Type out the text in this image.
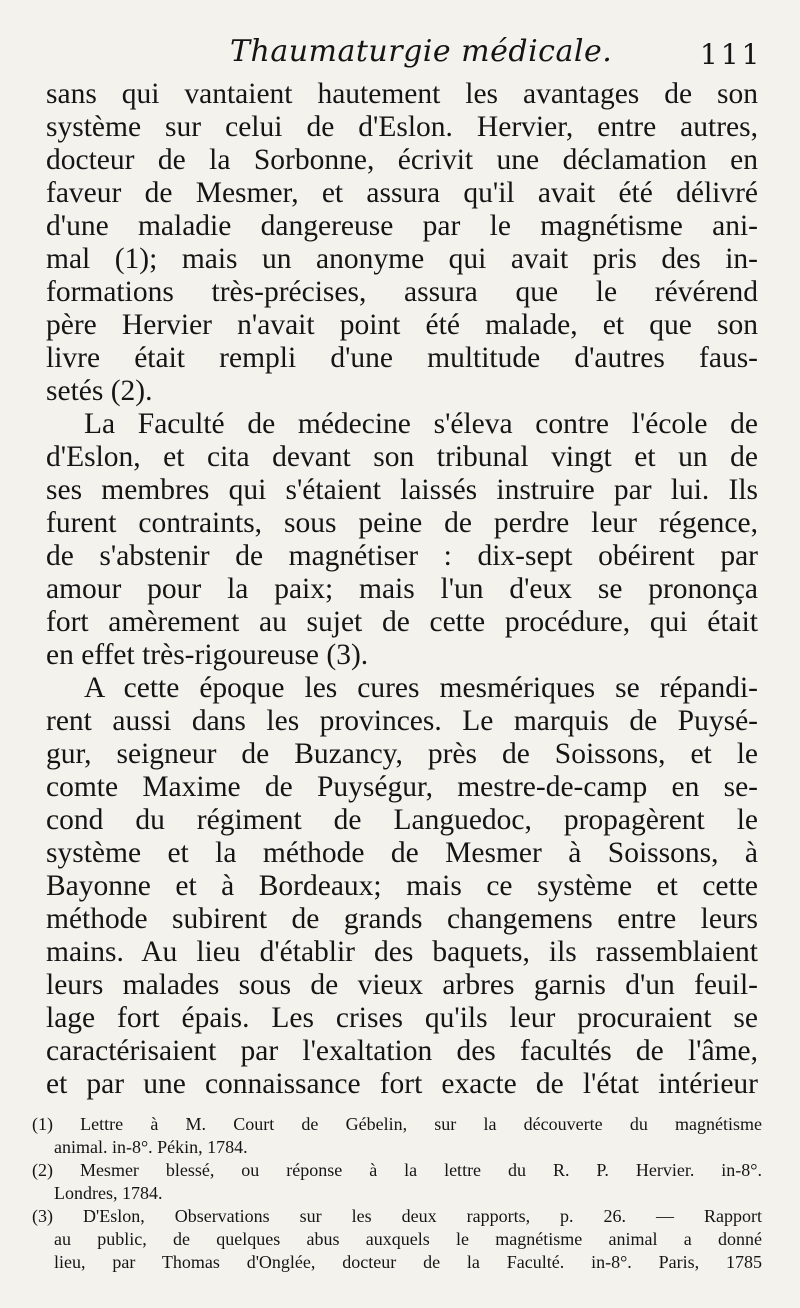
Thaumaturgie médicale.	111
sans qui vantaient hautement les avantages de son
système sur celui de d'Eslon. Hervier, entre autres,
docteur de la Sorbonne, écrivit une déclamation en
faveur de Mesmer, et assura qu'il avait été délivré
d'une maladie dangereuse par le magnétisme ani-
mal (1); mais un anonyme qui avait pris des in-
formations très-précises, assura que le révérend
père Hervier n'avait point été malade, et que son
livre était rempli d'une multitude d'autres faus-
setés (2).
La Faculté de médecine s'éleva contre l'école de
d'Eslon, et cita devant son tribunal vingt et un de
ses membres qui s'étaient laissés instruire par lui. Ils
furent contraints, sous peine de perdre leur régence,
de s'abstenir de magnétiser : dix-sept obéirent par
amour pour la paix; mais l'un d'eux se prononça
fort amèrement au sujet de cette procédure, qui était
en effet très-rigoureuse (3).
A cette époque les cures mesmériques se répandi-
rent aussi dans les provinces. Le marquis de Puysé-
gur, seigneur de Buzancy, près de Soissons, et le
comte Maxime de Puységur, mestre-de-camp en se-
cond du régiment de Languedoc, propagèrent le
système et la méthode de Mesmer à Soissons, à
Bayonne et à Bordeaux; mais ce système et cette
méthode subirent de grands changemens entre leurs
mains. Au lieu d'établir des baquets, ils rassemblaient
leurs malades sous de vieux arbres garnis d'un feuil-
lage fort épais. Les crises qu'ils leur procuraient se
caractérisaient par l'exaltation des facultés de l'âme,
et par une connaissance fort exacte de l'état intérieur
(1) Lettre à M. Court de Gébelin, sur la découverte du magnétisme
animal. in-8°. Pékin, 1784.
(2) Mesmer blessé, ou réponse à la lettre du R. P. Hervier. in-8°.
Londres, 1784.
(3) D'Eslon, Observations sur les deux rapports, p. 26. — Rapport
au public, de quelques abus auxquels le magnétisme animal a donné
lieu, par Thomas d'Onglée, docteur de la Faculté. in-8°. Paris, 1785
